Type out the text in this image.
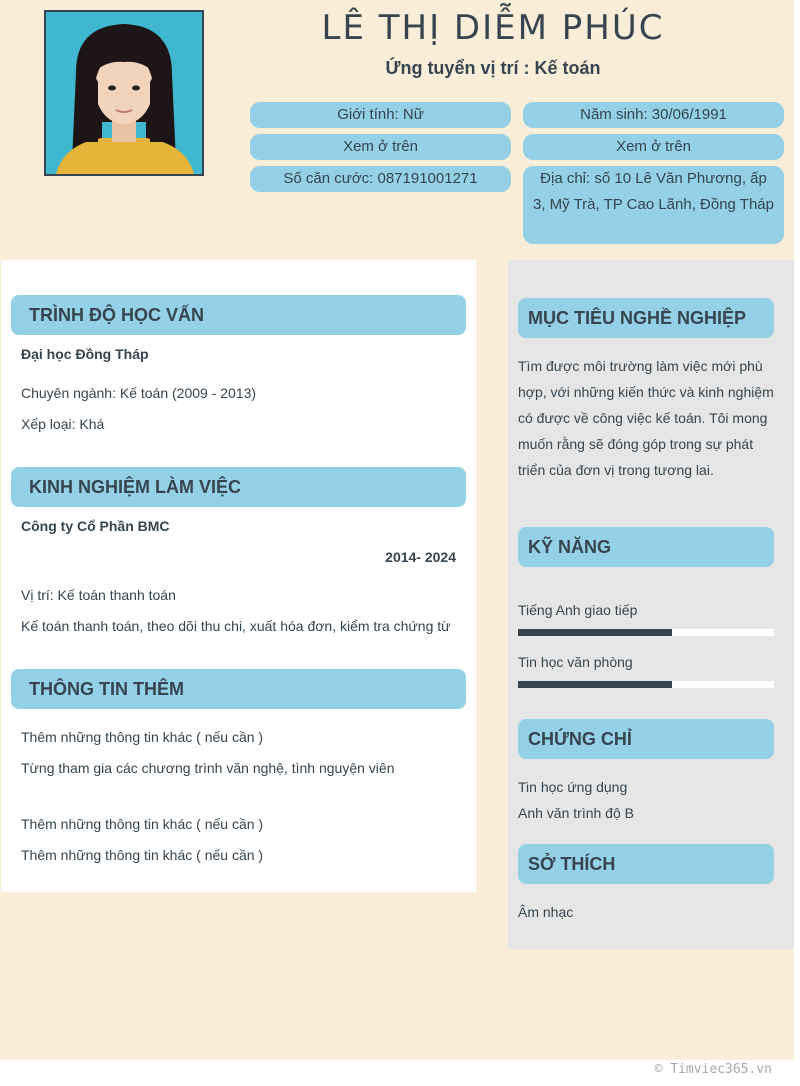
LÊ THỊ DIỄM PHÚC
Ứng tuyển vị trí : Kế toán
Giới tính: Nữ	Năm sinh: 30/06/1991
Xem ở trên	Xem ở trên
Số căn cước: 087191001271	Địa chỉ: số 10 Lê Văn Phương, ấp 3, Mỹ Trà, TP Cao Lãnh, Đồng Tháp
TRÌNH ĐỘ HỌC VẤN
Đại học Đồng Tháp
Chuyên ngành: Kế toán (2009 - 2013)
Xếp loại: Khá
KINH NGHIỆM LÀM VIỆC
Công ty Cổ Phần BMC
2014- 2024
Vị trí: Kế toán thanh toán
Kế toán thanh toán, theo dõi thu chi, xuất hóa đơn, kiểm tra chứng từ
THÔNG TIN THÊM
Thêm những thông tin khác ( nếu cần )
Từng tham gia các chương trình văn nghệ, tình nguyện viên
Thêm những thông tin khác ( nếu cần )
Thêm những thông tin khác ( nếu cần )
MỤC TIÊU NGHỀ NGHIỆP
Tìm được môi trường làm việc mới phù hợp, với những kiến thức và kinh nghiệm có được về công việc kế toán. Tôi mong muốn rằng sẽ đóng góp trong sự phát triển của đơn vị trong tương lai.
KỸ NĂNG
Tiếng Anh giao tiếp
Tin học văn phòng
CHỨNG CHỈ
Tin học ứng dụng
Anh văn trình độ B
SỞ THÍCH
Âm nhạc
© Timviec365.vn
